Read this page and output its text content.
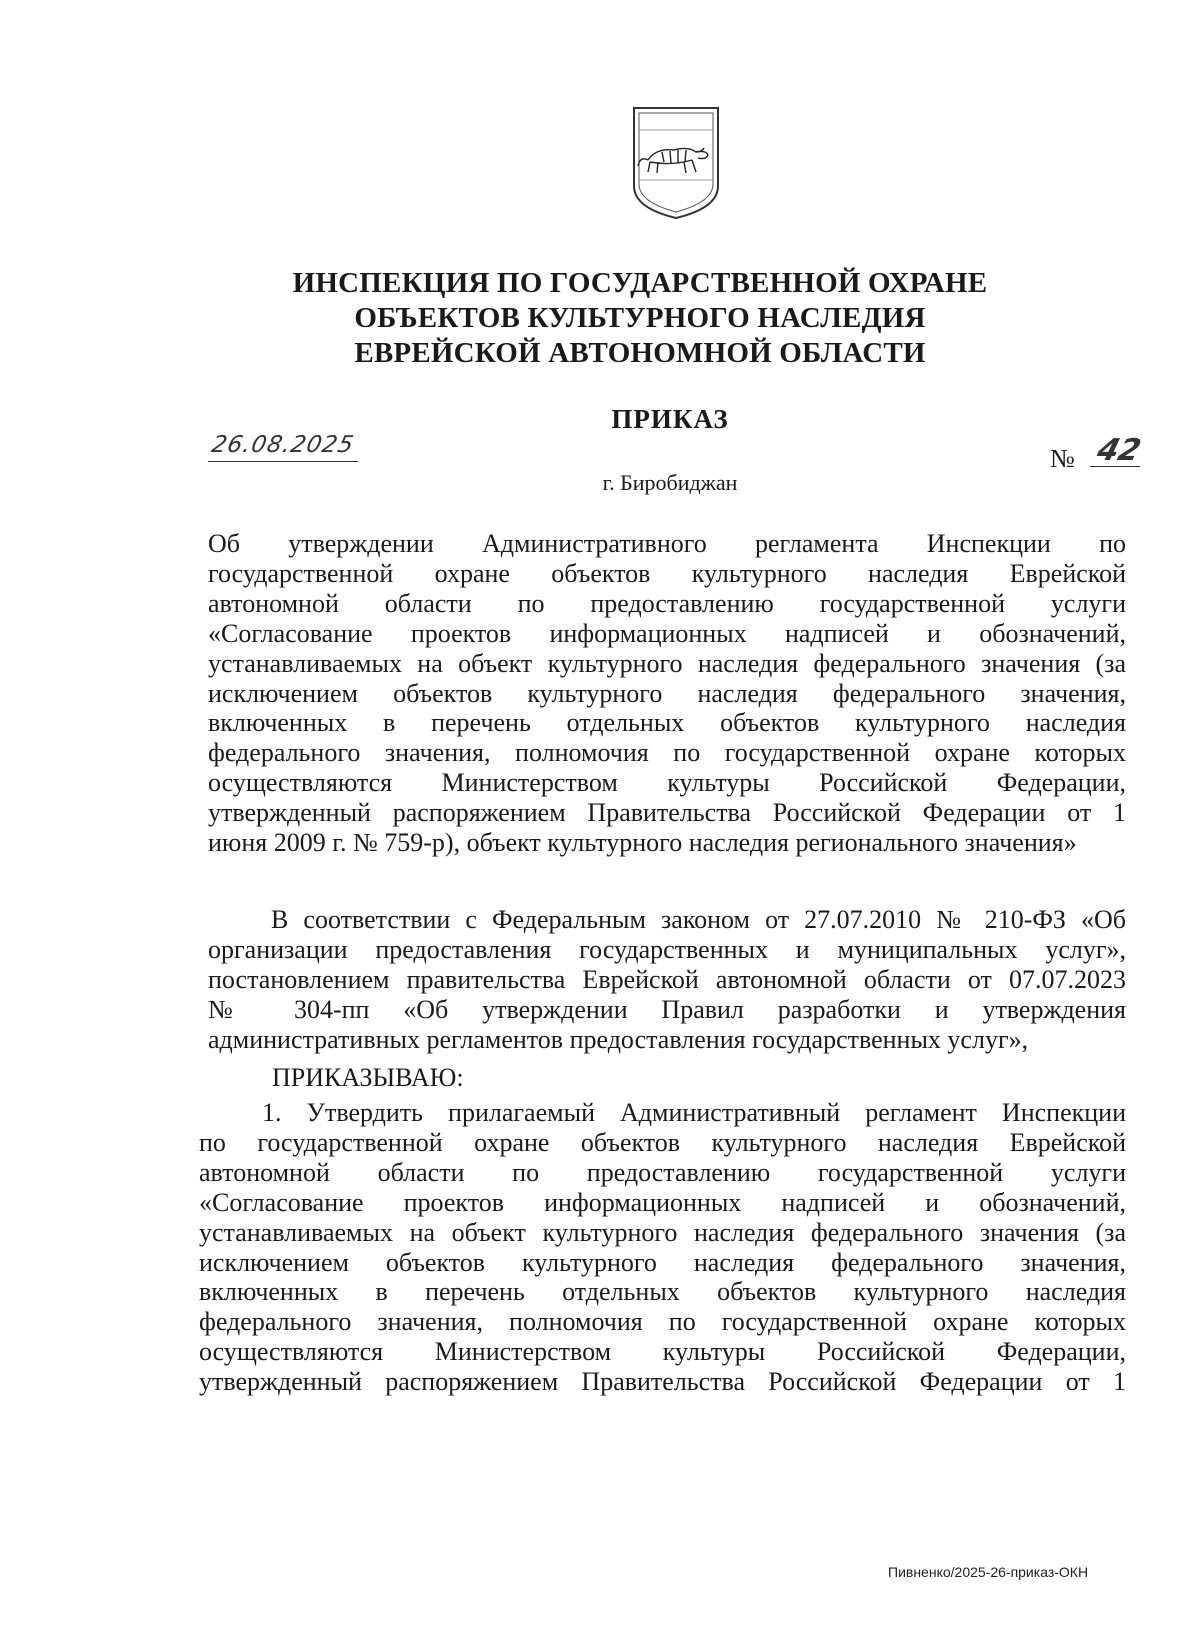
ИНСПЕКЦИЯ ПО ГОСУДАРСТВЕННОЙ ОХРАНЕ
ОБЪЕКТОВ КУЛЬТУРНОГО НАСЛЕДИЯ
ЕВРЕЙСКОЙ АВТОНОМНОЙ ОБЛАСТИ
ПРИКАЗ
26.08.2025	№ 42
г. Биробиджан
Об утверждении Административного регламента Инспекции по
государственной охране объектов культурного наследия Еврейской
автономной области по предоставлению государственной услуги
«Согласование проектов информационных надписей и обозначений,
устанавливаемых на объект культурного наследия федерального значения (за
исключением объектов культурного наследия федерального значения,
включенных в перечень отдельных объектов культурного наследия
федерального значения, полномочия по государственной охране которых
осуществляются Министерством культуры Российской Федерации,
утвержденный распоряжением Правительства Российской Федерации от 1
июня 2009 г. № 759-р), объект культурного наследия регионального значения»
В соответствии с Федеральным законом от 27.07.2010 № 210-ФЗ «Об
организации предоставления государственных и муниципальных услуг»,
постановлением правительства Еврейской автономной области от 07.07.2023
№ 304-пп «Об утверждении Правил разработки и утверждения
административных регламентов предоставления государственных услуг»,
ПРИКАЗЫВАЮ:
1. Утвердить прилагаемый Административный регламент Инспекции
по государственной охране объектов культурного наследия Еврейской
автономной области по предоставлению государственной услуги
«Согласование проектов информационных надписей и обозначений,
устанавливаемых на объект культурного наследия федерального значения (за
исключением объектов культурного наследия федерального значения,
включенных в перечень отдельных объектов культурного наследия
федерального значения, полномочия по государственной охране которых
осуществляются Министерством культуры Российской Федерации,
утвержденный распоряжением Правительства Российской Федерации от 1
Пивненко/2025-26-приказ-ОКН
